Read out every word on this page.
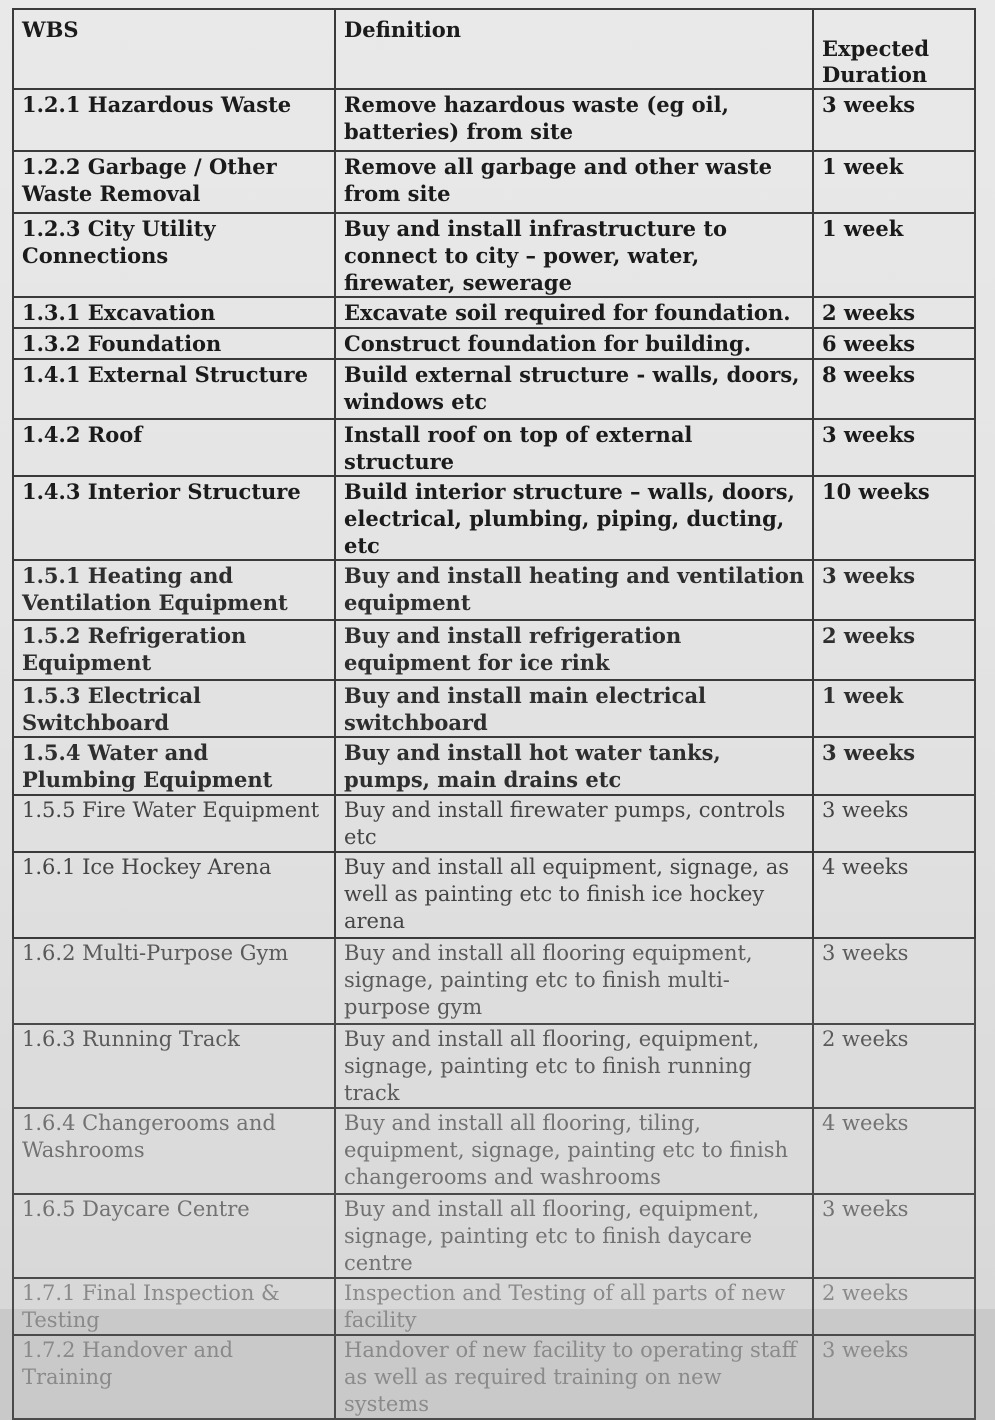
WBS	Definition	Expected Duration
1.2.1 Hazardous Waste	Remove hazardous waste (eg oil, batteries) from site	3 weeks
1.2.2 Garbage / Other Waste Removal	Remove all garbage and other waste from site	1 week
1.2.3 City Utility Connections	Buy and install infrastructure to connect to city – power, water, firewater, sewerage	1 week
1.3.1 Excavation	Excavate soil required for foundation.	2 weeks
1.3.2 Foundation	Construct foundation for building.	6 weeks
1.4.1 External Structure	Build external structure - walls, doors, windows etc	8 weeks
1.4.2 Roof	Install roof on top of external structure	3 weeks
1.4.3 Interior Structure	Build interior structure – walls, doors, electrical, plumbing, piping, ducting, etc	10 weeks
1.5.1 Heating and Ventilation Equipment	Buy and install heating and ventilation equipment	3 weeks
1.5.2 Refrigeration Equipment	Buy and install refrigeration equipment for ice rink	2 weeks
1.5.3 Electrical Switchboard	Buy and install main electrical switchboard	1 week
1.5.4 Water and Plumbing Equipment	Buy and install hot water tanks, pumps, main drains etc	3 weeks
1.5.5 Fire Water Equipment	Buy and install firewater pumps, controls etc	3 weeks
1.6.1 Ice Hockey Arena	Buy and install all equipment, signage, as well as painting etc to finish ice hockey arena	4 weeks
1.6.2 Multi-Purpose Gym	Buy and install all flooring equipment, signage, painting etc to finish multi-purpose gym	3 weeks
1.6.3 Running Track	Buy and install all flooring, equipment, signage, painting etc to finish running track	2 weeks
1.6.4 Changerooms and Washrooms	Buy and install all flooring, tiling, equipment, signage, painting etc to finish changerooms and washrooms	4 weeks
1.6.5 Daycare Centre	Buy and install all flooring, equipment, signage, painting etc to finish daycare centre	3 weeks
1.7.1 Final Inspection & Testing	Inspection and Testing of all parts of new facility	2 weeks
1.7.2 Handover and Training	Handover of new facility to operating staff as well as required training on new systems	3 weeks
